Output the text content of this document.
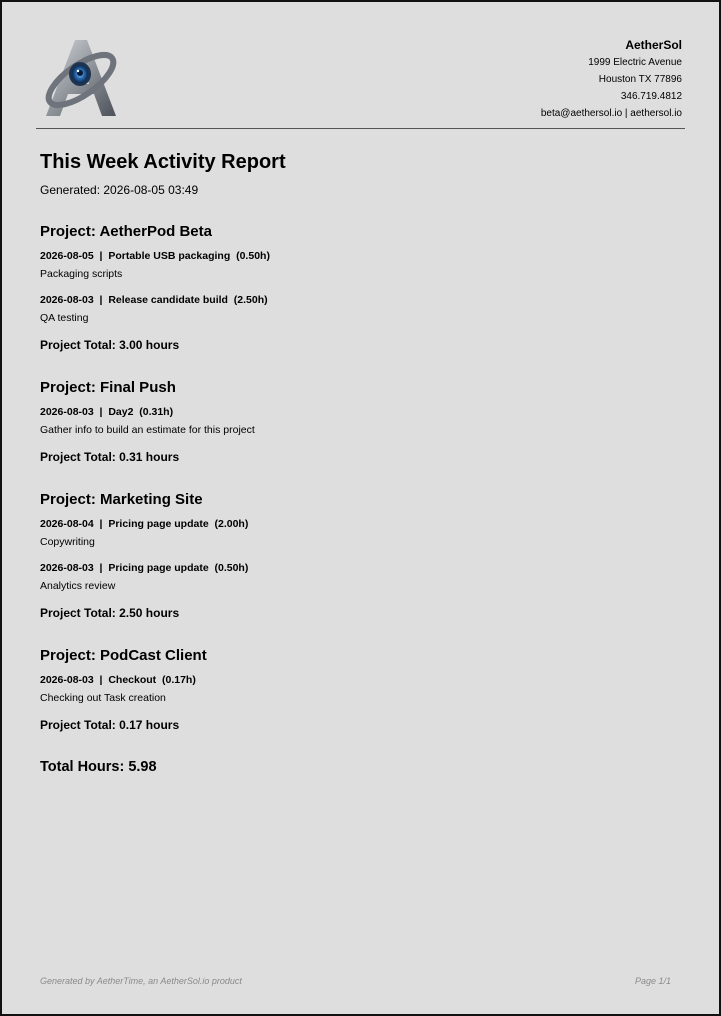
AetherSol
1999 Electric Avenue
Houston TX 77896
346.719.4812
beta@aethersol.io | aethersol.io
This Week Activity Report
Generated: 2026-08-05 03:49
Project: AetherPod Beta
2026-08-05  |  Portable USB packaging  (0.50h)
Packaging scripts
2026-08-03  |  Release candidate build  (2.50h)
QA testing
Project Total: 3.00 hours
Project: Final Push
2026-08-03  |  Day2  (0.31h)
Gather info to build an estimate for this project
Project Total: 0.31 hours
Project: Marketing Site
2026-08-04  |  Pricing page update  (2.00h)
Copywriting
2026-08-03  |  Pricing page update  (0.50h)
Analytics review
Project Total: 2.50 hours
Project: PodCast Client
2026-08-03  |  Checkout  (0.17h)
Checking out Task creation
Project Total: 0.17 hours
Total Hours: 5.98
Generated by AetherTime, an AetherSol.io product	Page 1/1
